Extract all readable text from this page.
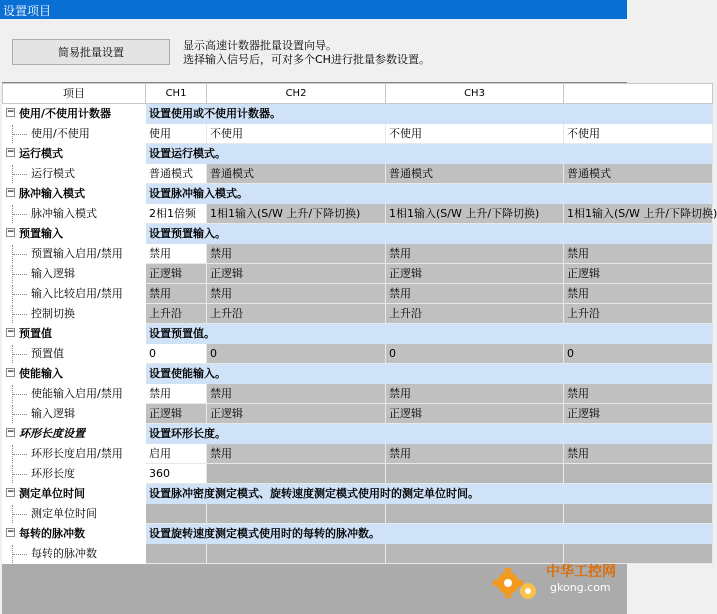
设置项目
简易批量设置
显示高速计数器批量设置向导。
选择输入信号后，可对多个CH进行批量参数设置。
项目	CH1	CH2	CH3	
− 使用/不使用计数器	设置使用或不使用计数器。			
使用/不使用	使用	不使用	不使用	不使用
− 运行模式	设置运行模式。			
运行模式	普通模式	普通模式	普通模式	普通模式
− 脉冲输入模式	设置脉冲输入模式。			
脉冲输入模式	2相1倍频	1相1输入(S/W 上升/下降切换)	1相1输入(S/W 上升/下降切换)	1相1输入(S/W 上升/下降切换)
− 预置输入	设置预置输入。			
预置输入启用/禁用	禁用	禁用	禁用	禁用
输入逻辑	正逻辑	正逻辑	正逻辑	正逻辑
输入比较启用/禁用	禁用	禁用	禁用	禁用
控制切换	上升沿	上升沿	上升沿	上升沿
− 预置值	设置预置值。			
预置值	0	0	0	0
− 使能输入	设置使能输入。			
使能输入启用/禁用	禁用	禁用	禁用	禁用
输入逻辑	正逻辑	正逻辑	正逻辑	正逻辑
− 环形长度设置	设置环形长度。			
环形长度启用/禁用	启用	禁用	禁用	禁用
环形长度	360			
− 测定单位时间	设置脉冲密度测定模式、旋转速度测定模式使用时的测定单位时间。			
测定单位时间				
− 每转的脉冲数	设置旋转速度测定模式使用时的每转的脉冲数。			
每转的脉冲数				
中华工控网
gkong.com
